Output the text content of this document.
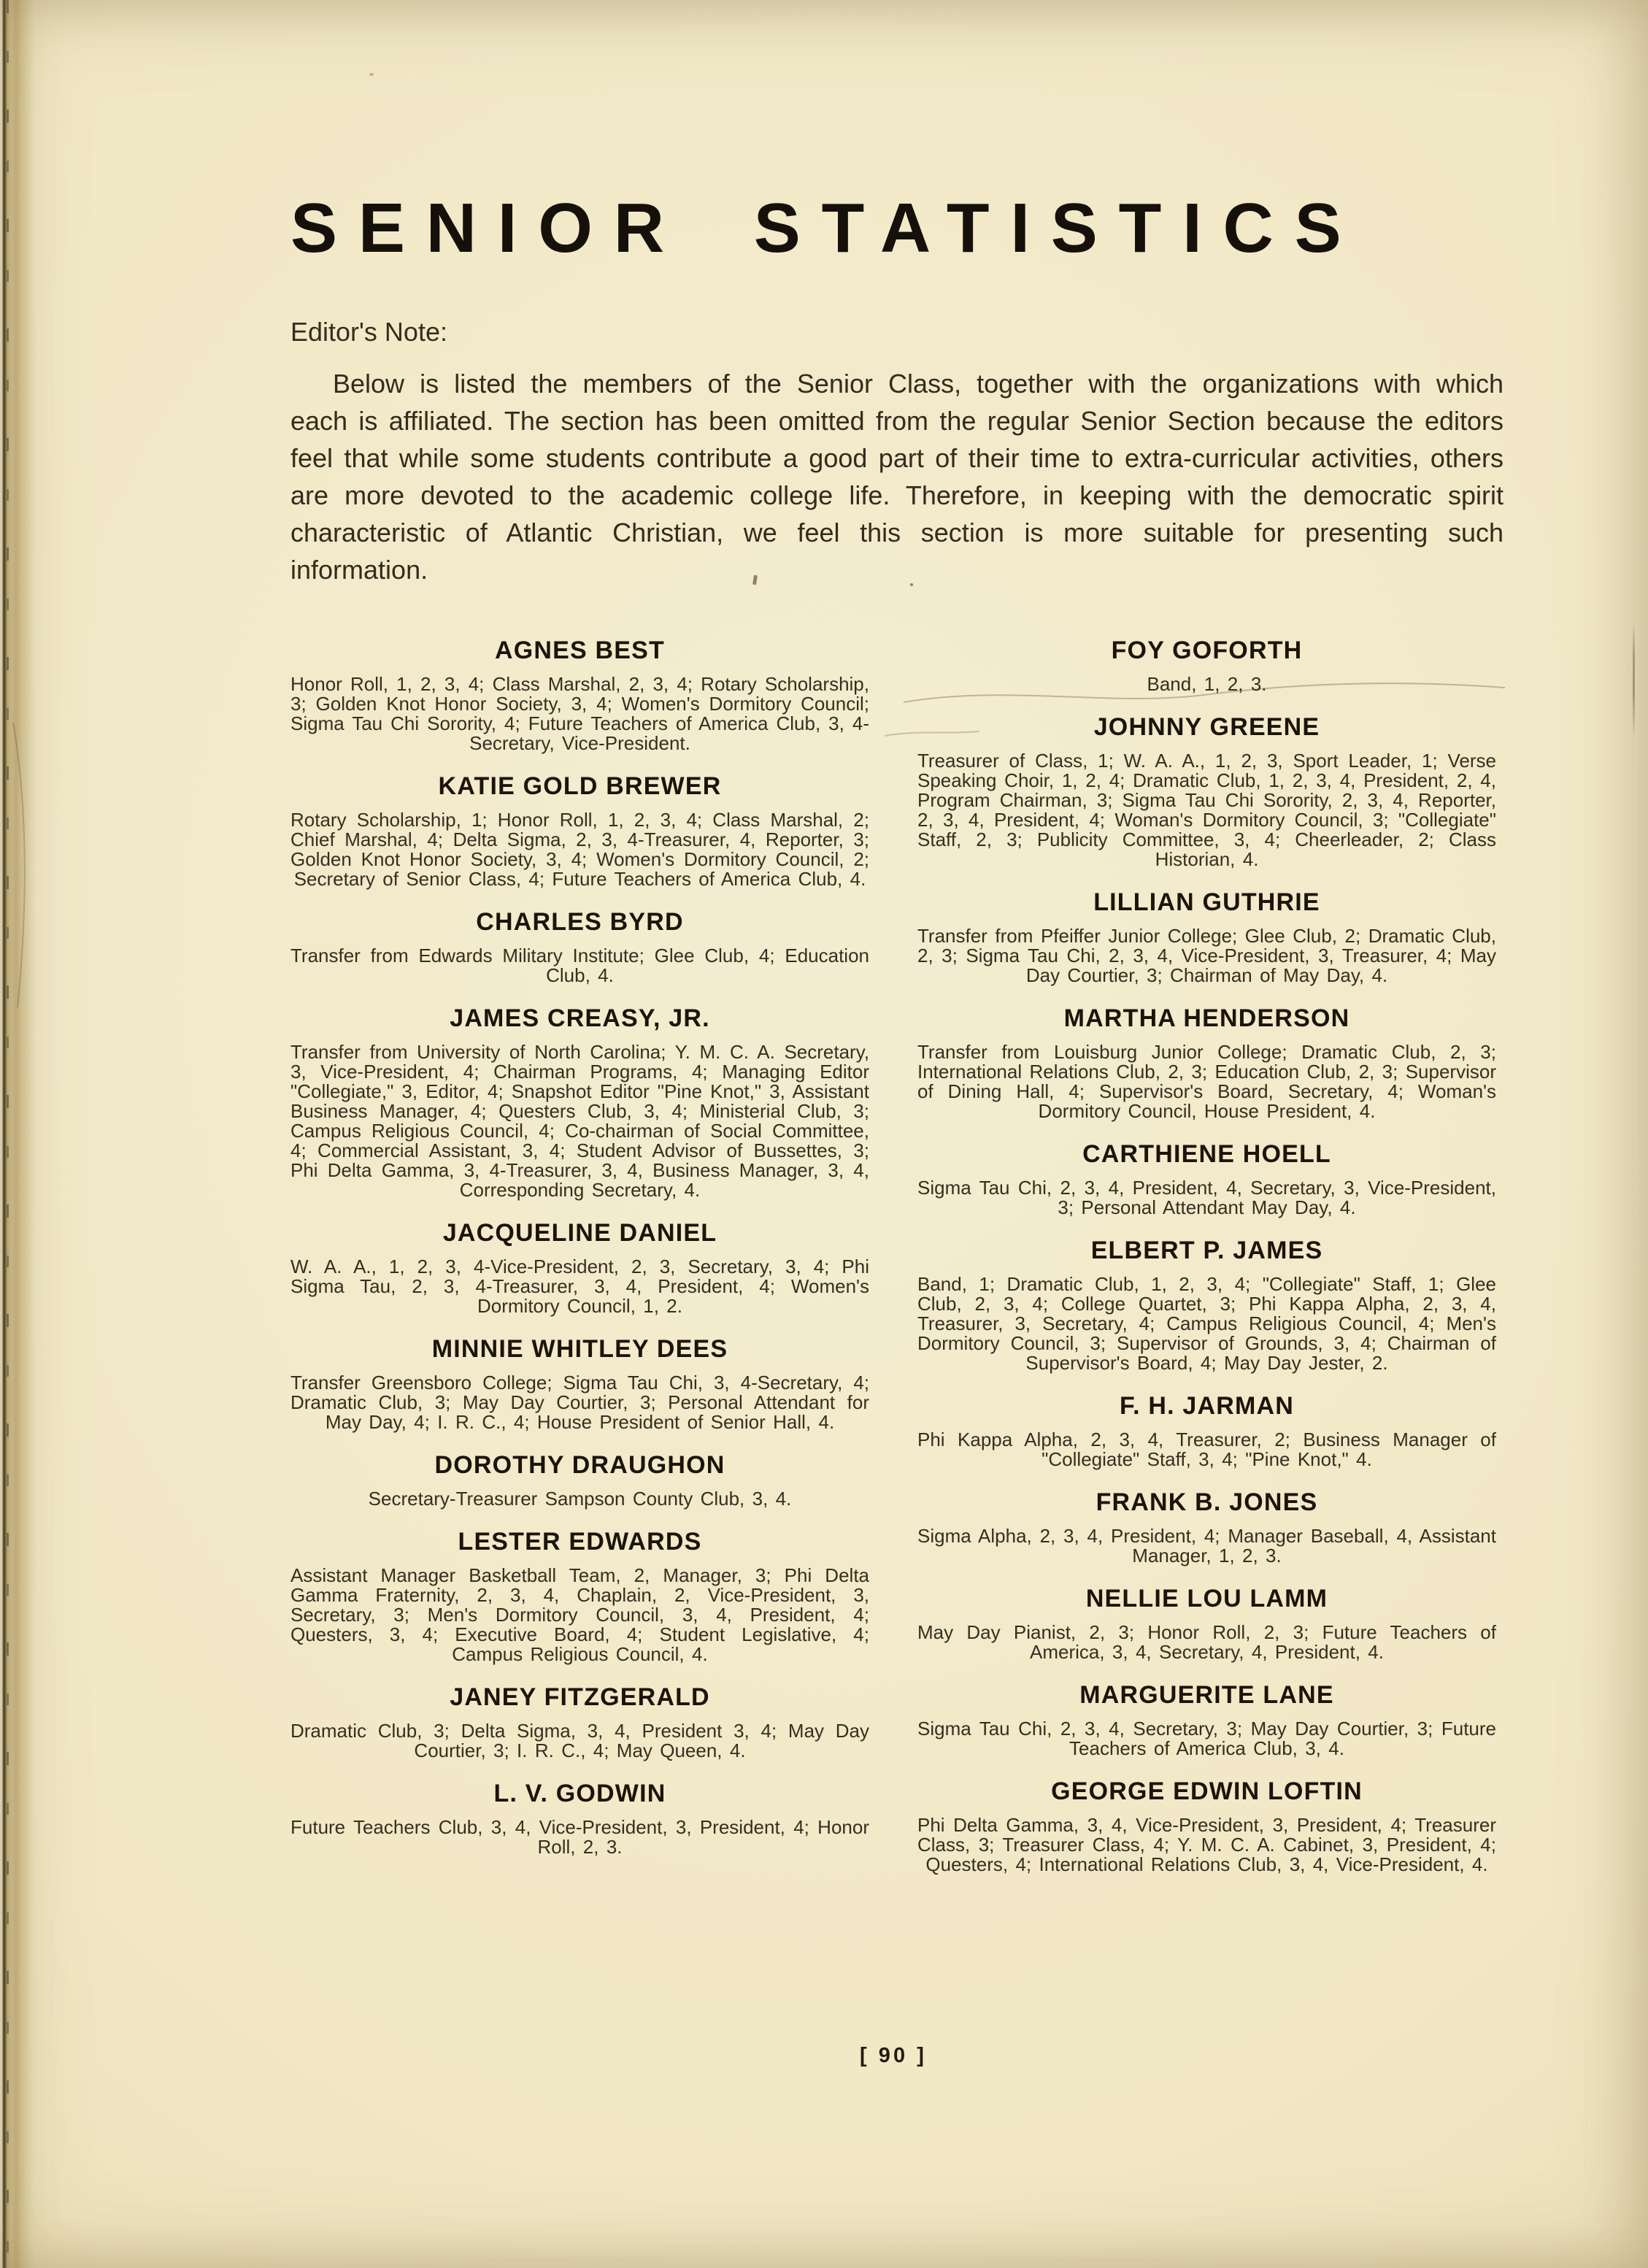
SENIOR STATISTICS
Editor's Note:

Below is listed the members of the Senior Class, together with the organizations with which each is affiliated. The section has been omitted from the regular Senior Section because the editors feel that while some students contribute a good part of their time to extra-curricular activities, others are more devoted to the academic college life. Therefore, in keeping with the democratic spirit characteristic of Atlantic Christian, we feel this section is more suitable for presenting such information.

AGNES BEST

Honor Roll, 1, 2, 3, 4; Class Marshal, 2, 3, 4; Rotary Scholarship, 3; Golden Knot Honor Society, 3, 4; Women's Dormitory Council; Sigma Tau Chi Sorority, 4; Future Teachers of America Club, 3, 4-Secretary, Vice-President.

KATIE GOLD BREWER

Rotary Scholarship, 1; Honor Roll, 1, 2, 3, 4; Class Marshal, 2; Chief Marshal, 4; Delta Sigma, 2, 3, 4-Treasurer, 4, Reporter, 3; Golden Knot Honor Society, 3, 4; Women's Dormitory Council, 2; Secretary of Senior Class, 4; Future Teachers of America Club, 4.

CHARLES BYRD

Transfer from Edwards Military Institute; Glee Club, 4; Education Club, 4.

JAMES CREASY, JR.

Transfer from University of North Carolina; Y. M. C. A. Secretary, 3, Vice-President, 4; Chairman Programs, 4; Managing Editor "Collegiate," 3, Editor, 4; Snapshot Editor "Pine Knot," 3, Assistant Business Manager, 4; Questers Club, 3, 4; Ministerial Club, 3; Campus Religious Council, 4; Co-chairman of Social Committee, 4; Commercial Assistant, 3, 4; Student Advisor of Bussettes, 3; Phi Delta Gamma, 3, 4-Treasurer, 3, 4, Business Manager, 3, 4, Corresponding Secretary, 4.

JACQUELINE DANIEL

W. A. A., 1, 2, 3, 4-Vice-President, 2, 3, Secretary, 3, 4; Phi Sigma Tau, 2, 3, 4-Treasurer, 3, 4, President, 4; Women's Dormitory Council, 1, 2.

MINNIE WHITLEY DEES

Transfer Greensboro College; Sigma Tau Chi, 3, 4-Secretary, 4; Dramatic Club, 3; May Day Courtier, 3; Personal Attendant for May Day, 4; I. R. C., 4; House President of Senior Hall, 4.

DOROTHY DRAUGHON

Secretary-Treasurer Sampson County Club, 3, 4.

LESTER EDWARDS

Assistant Manager Basketball Team, 2, Manager, 3; Phi Delta Gamma Fraternity, 2, 3, 4, Chaplain, 2, Vice-President, 3, Secretary, 3; Men's Dormitory Council, 3, 4, President, 4; Questers, 3, 4; Executive Board, 4; Student Legislative, 4; Campus Religious Council, 4.

JANEY FITZGERALD

Dramatic Club, 3; Delta Sigma, 3, 4, President 3, 4; May Day Courtier, 3; I. R. C., 4; May Queen, 4.

L. V. GODWIN

Future Teachers Club, 3, 4, Vice-President, 3, President, 4; Honor Roll, 2, 3.

FOY GOFORTH

Band, 1, 2, 3.

JOHNNY GREENE

Treasurer of Class, 1; W. A. A., 1, 2, 3, Sport Leader, 1; Verse Speaking Choir, 1, 2, 4; Dramatic Club, 1, 2, 3, 4, President, 2, 4, Program Chairman, 3; Sigma Tau Chi Sorority, 2, 3, 4, Reporter, 2, 3, 4, President, 4; Woman's Dormitory Council, 3; "Collegiate" Staff, 2, 3; Publicity Committee, 3, 4; Cheerleader, 2; Class Historian, 4.

LILLIAN GUTHRIE

Transfer from Pfeiffer Junior College; Glee Club, 2; Dramatic Club, 2, 3; Sigma Tau Chi, 2, 3, 4, Vice-President, 3, Treasurer, 4; May Day Courtier, 3; Chairman of May Day, 4.

MARTHA HENDERSON

Transfer from Louisburg Junior College; Dramatic Club, 2, 3; International Relations Club, 2, 3; Education Club, 2, 3; Supervisor of Dining Hall, 4; Supervisor's Board, Secretary, 4; Woman's Dormitory Council, House President, 4.

CARTHIENE HOELL

Sigma Tau Chi, 2, 3, 4, President, 4, Secretary, 3, Vice-President, 3; Personal Attendant May Day, 4.

ELBERT P. JAMES

Band, 1; Dramatic Club, 1, 2, 3, 4; "Collegiate" Staff, 1; Glee Club, 2, 3, 4; College Quartet, 3; Phi Kappa Alpha, 2, 3, 4, Treasurer, 3, Secretary, 4; Campus Religious Council, 4; Men's Dormitory Council, 3; Supervisor of Grounds, 3, 4; Chairman of Supervisor's Board, 4; May Day Jester, 2.

F. H. JARMAN

Phi Kappa Alpha, 2, 3, 4, Treasurer, 2; Business Manager of "Collegiate" Staff, 3, 4; "Pine Knot," 4.

FRANK B. JONES

Sigma Alpha, 2, 3, 4, President, 4; Manager Baseball, 4, Assistant Manager, 1, 2, 3.

NELLIE LOU LAMM

May Day Pianist, 2, 3; Honor Roll, 2, 3; Future Teachers of America, 3, 4, Secretary, 4, President, 4.

MARGUERITE LANE

Sigma Tau Chi, 2, 3, 4, Secretary, 3; May Day Courtier, 3; Future Teachers of America Club, 3, 4.

GEORGE EDWIN LOFTIN

Phi Delta Gamma, 3, 4, Vice-President, 3, President, 4; Treasurer Class, 3; Treasurer Class, 4; Y. M. C. A. Cabinet, 3, President, 4; Questers, 4; International Relations Club, 3, 4, Vice-President, 4.

[ 90 ]
